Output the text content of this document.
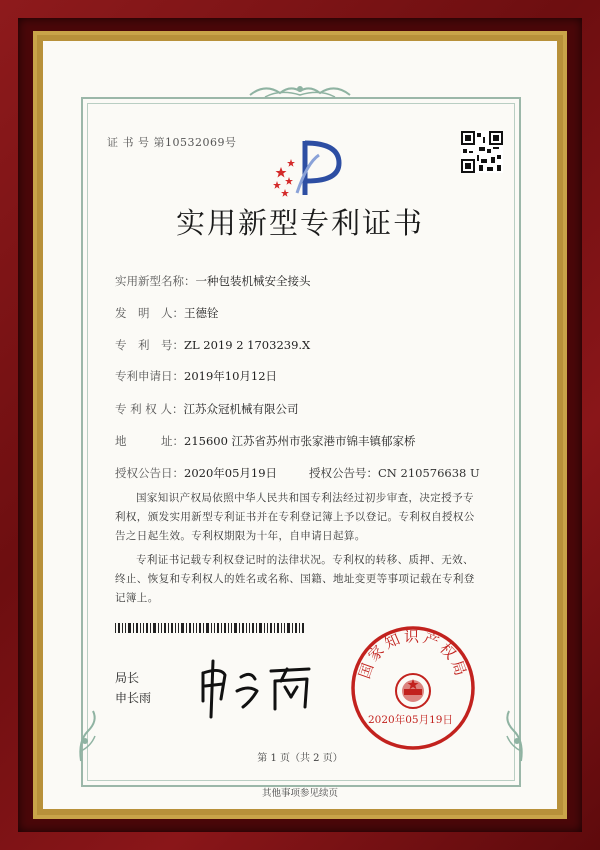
证 书 号 第10532069号
实用新型专利证书
实用新型名称：一种包装机械安全接头
发　明　人：王德铨
专　利　号：ZL 2019 2 1703239.X
专利申请日：2019年10月12日
专 利 权 人：江苏众冠机械有限公司
地　　　址：215600 江苏省苏州市张家港市锦丰镇郁家桥
授权公告日：2020年05月19日	授权公告号：CN 210576638 U
国家知识产权局依照中华人民共和国专利法经过初步审查，决定授予专利权，颁发实用新型专利证书并在专利登记簿上予以登记。专利权自授权公告之日起生效。专利权期限为十年，自申请日起算。
专利证书记载专利权登记时的法律状况。专利权的转移、质押、无效、终止、恢复和专利权人的姓名或名称、国籍、地址变更等事项记载在专利登记簿上。
局长
申长雨
国家知识产权局
2020年05月19日
第 1 页（共 2 页）
其他事项参见续页
